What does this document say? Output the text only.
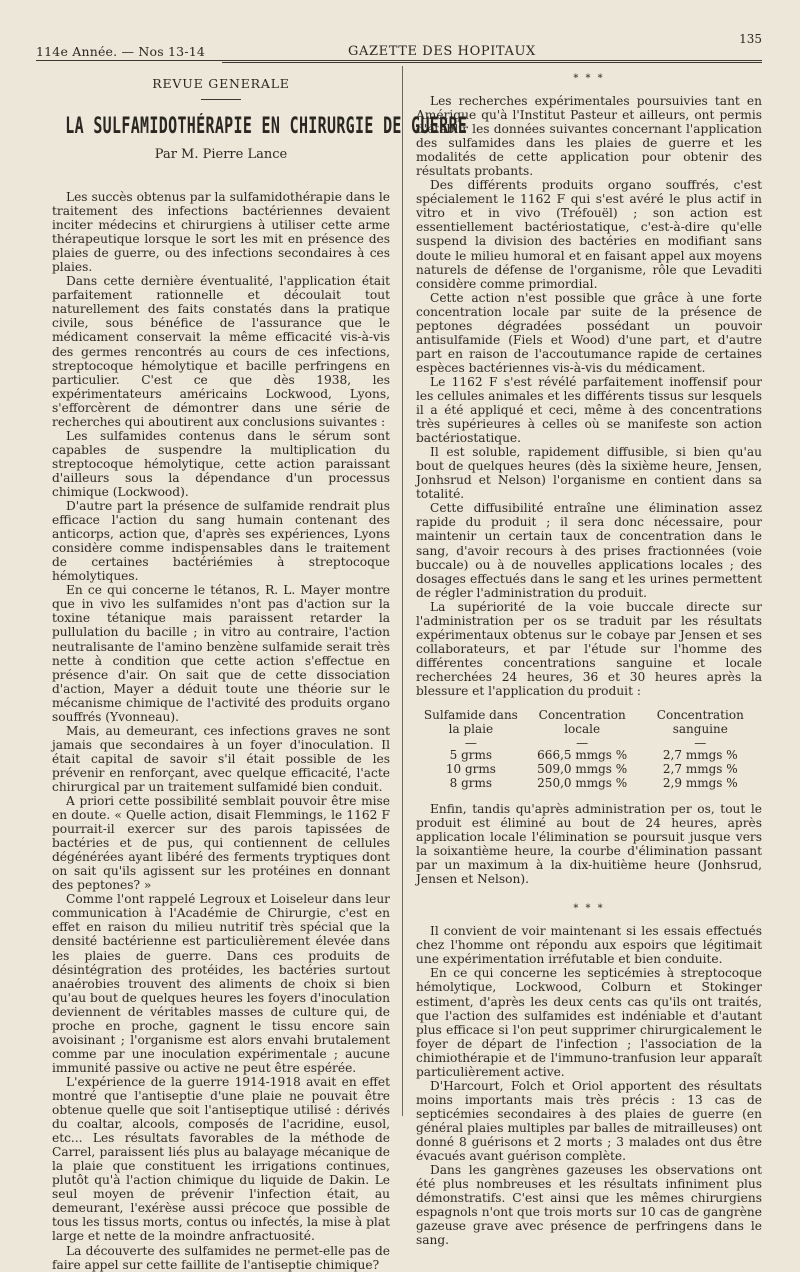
114e Année. — Nos 13-14	GAZETTE DES HOPITAUX
135
REVUE GENERALE
LA SULFAMIDOTHÉRAPIE EN CHIRURGIE DE GUERRE
Par M. Pierre Lance

Les succès obtenus par la sulfamidothérapie dans le traitement des infections bactériennes devaient inciter médecins et chirurgiens à utiliser cette arme thérapeutique lorsque le sort les mit en présence des plaies de guerre, ou des infections secondaires à ces plaies.

Dans cette dernière éventualité, l'application était parfaitement rationnelle et découlait tout naturellement des faits constatés dans la pratique civile, sous bénéfice de l'assurance que le médicament conservait la même efficacité vis-à-vis des germes rencontrés au cours de ces infections, streptocoque hémolytique et bacille perfringens en particulier. C'est ce que dès 1938, les expérimentateurs américains Lockwood, Lyons, s'efforcèrent de démontrer dans une série de recherches qui aboutirent aux conclusions suivantes :

Les sulfamides contenus dans le sérum sont capables de suspendre la multiplication du streptocoque hémolytique, cette action paraissant d'ailleurs sous la dépendance d'un processus chimique (Lockwood).

D'autre part la présence de sulfamide rendrait plus efficace l'action du sang humain contenant des anticorps, action que, d'après ses expériences, Lyons considère comme indispensables dans le traitement de certaines bactériémies à streptocoque hémolytiques.

En ce qui concerne le tétanos, R. L. Mayer montre que in vivo les sulfamides n'ont pas d'action sur la toxine tétanique mais paraissent retarder la pullulation du bacille ; in vitro au contraire, l'action neutralisante de l'amino benzène sulfamide serait très nette à condition que cette action s'effectue en présence d'air. On sait que de cette dissociation d'action, Mayer a déduit toute une théorie sur le mécanisme chimique de l'activité des produits organo souffrés (Yvonneau).

Mais, au demeurant, ces infections graves ne sont jamais que secondaires à un foyer d'inoculation. Il était capital de savoir s'il était possible de les prévenir en renforçant, avec quelque efficacité, l'acte chirurgical par un traitement sulfamidé bien conduit.

A priori cette possibilité semblait pouvoir être mise en doute. « Quelle action, disait Flemmings, le 1162 F pourrait-il exercer sur des parois tapissées de bactéries et de pus, qui contiennent de cellules dégénérées ayant libéré des ferments tryptiques dont on sait qu'ils agissent sur les protéines en donnant des peptones? »

Comme l'ont rappelé Legroux et Loiseleur dans leur communication à l'Académie de Chirurgie, c'est en effet en raison du milieu nutritif très spécial que la densité bactérienne est particulièrement élevée dans les plaies de guerre. Dans ces produits de désintégration des protéides, les bactéries surtout anaérobies trouvent des aliments de choix si bien qu'au bout de quelques heures les foyers d'inoculation deviennent de véritables masses de culture qui, de proche en proche, gagnent le tissu encore sain avoisinant ; l'organisme est alors envahi brutalement comme par une inoculation expérimentale ; aucune immunité passive ou active ne peut être espérée.

L'expérience de la guerre 1914-1918 avait en effet montré que l'antiseptie d'une plaie ne pouvait être obtenue quelle que soit l'antiseptique utilisé : dérivés du coaltar, alcools, composés de l'acridine, eusol, etc... Les résultats favorables de la méthode de Carrel, paraissent liés plus au balayage mécanique de la plaie que constituent les irrigations continues, plutôt qu'à l'action chimique du liquide de Dakin. Le seul moyen de prévenir l'infection était, au demeurant, l'exérèse aussi précoce que possible de tous les tissus morts, contus ou infectés, la mise à plat large et nette de la moindre anfractuosité.

La découverte des sulfamides ne permet-elle pas de faire appel sur cette faillite de l'antiseptie chimique?

* * *

Les recherches expérimentales poursuivies tant en Amérique qu'à l'Institut Pasteur et ailleurs, ont permis d'établir les données suivantes concernant l'application des sulfamides dans les plaies de guerre et les modalités de cette application pour obtenir des résultats probants.

Des différents produits organo souffrés, c'est spécialement le 1162 F qui s'est avéré le plus actif in vitro et in vivo (Tréfouël) ; son action est essentiellement bactériostatique, c'est-à-dire qu'elle suspend la division des bactéries en modifiant sans doute le milieu humoral et en faisant appel aux moyens naturels de défense de l'organisme, rôle que Levaditi considère comme primordial.

Cette action n'est possible que grâce à une forte concentration locale par suite de la présence de peptones dégradées possédant un pouvoir antisulfamide (Fiels et Wood) d'une part, et d'autre part en raison de l'accoutumance rapide de certaines espèces bactériennes vis-à-vis du médicament.

Le 1162 F s'est révélé parfaitement inoffensif pour les cellules animales et les différents tissus sur lesquels il a été appliqué et ceci, même à des concentrations très supérieures à celles où se manifeste son action bactériostatique.

Il est soluble, rapidement diffusible, si bien qu'au bout de quelques heures (dès la sixième heure, Jensen, Jonhsrud et Nelson) l'organisme en contient dans sa totalité.

Cette diffusibilité entraîne une élimination assez rapide du produit ; il sera donc nécessaire, pour maintenir un certain taux de concentration dans le sang, d'avoir recours à des prises fractionnées (voie buccale) ou à de nouvelles applications locales ; des dosages effectués dans le sang et les urines permettent de régler l'administration du produit.

La supériorité de la voie buccale directe sur l'administration per os se traduit par les résultats expérimentaux obtenus sur le cobaye par Jensen et ses collaborateurs, et par l'étude sur l'homme des différentes concentrations sanguine et locale recherchées 24 heures, 36 et 30 heures après la blessure et l'application du produit :

Sulfamide dans la plaie	Concentration locale	Concentration sanguine
—	—	—
5 grms	666,5 mmgs %	2,7 mmgs %
10 grms	509,0 mmgs %	2,7 mmgs %
8 grms	250,0 mmgs %	2,9 mmgs %

Enfin, tandis qu'après administration per os, tout le produit est éliminé au bout de 24 heures, après application locale l'élimination se poursuit jusque vers la soixantième heure, la courbe d'élimination passant par un maximum à la dix-huitième heure (Jonhsrud, Jensen et Nelson).

* * *

Il convient de voir maintenant si les essais effectués chez l'homme ont répondu aux espoirs que légitimait une expérimentation irréfutable et bien conduite.

En ce qui concerne les septicémies à streptocoque hémolytique, Lockwood, Colburn et Stokinger estiment, d'après les deux cents cas qu'ils ont traités, que l'action des sulfamides est indéniable et d'autant plus efficace si l'on peut supprimer chirurgicalement le foyer de départ de l'infection ; l'association de la chimiothérapie et de l'immuno-tranfusion leur apparaît particulièrement active.

D'Harcourt, Folch et Oriol apportent des résultats moins importants mais très précis : 13 cas de septicémies secondaires à des plaies de guerre (en général plaies multiples par balles de mitrailleuses) ont donné 8 guérisons et 2 morts ; 3 malades ont dus être évacués avant guérison complète.

Dans les gangrènes gazeuses les observations ont été plus nombreuses et les résultats infiniment plus démonstratifs. C'est ainsi que les mêmes chirurgiens espagnols n'ont que trois morts sur 10 cas de gangrène gazeuse grave avec présence de perfringens dans le sang.
